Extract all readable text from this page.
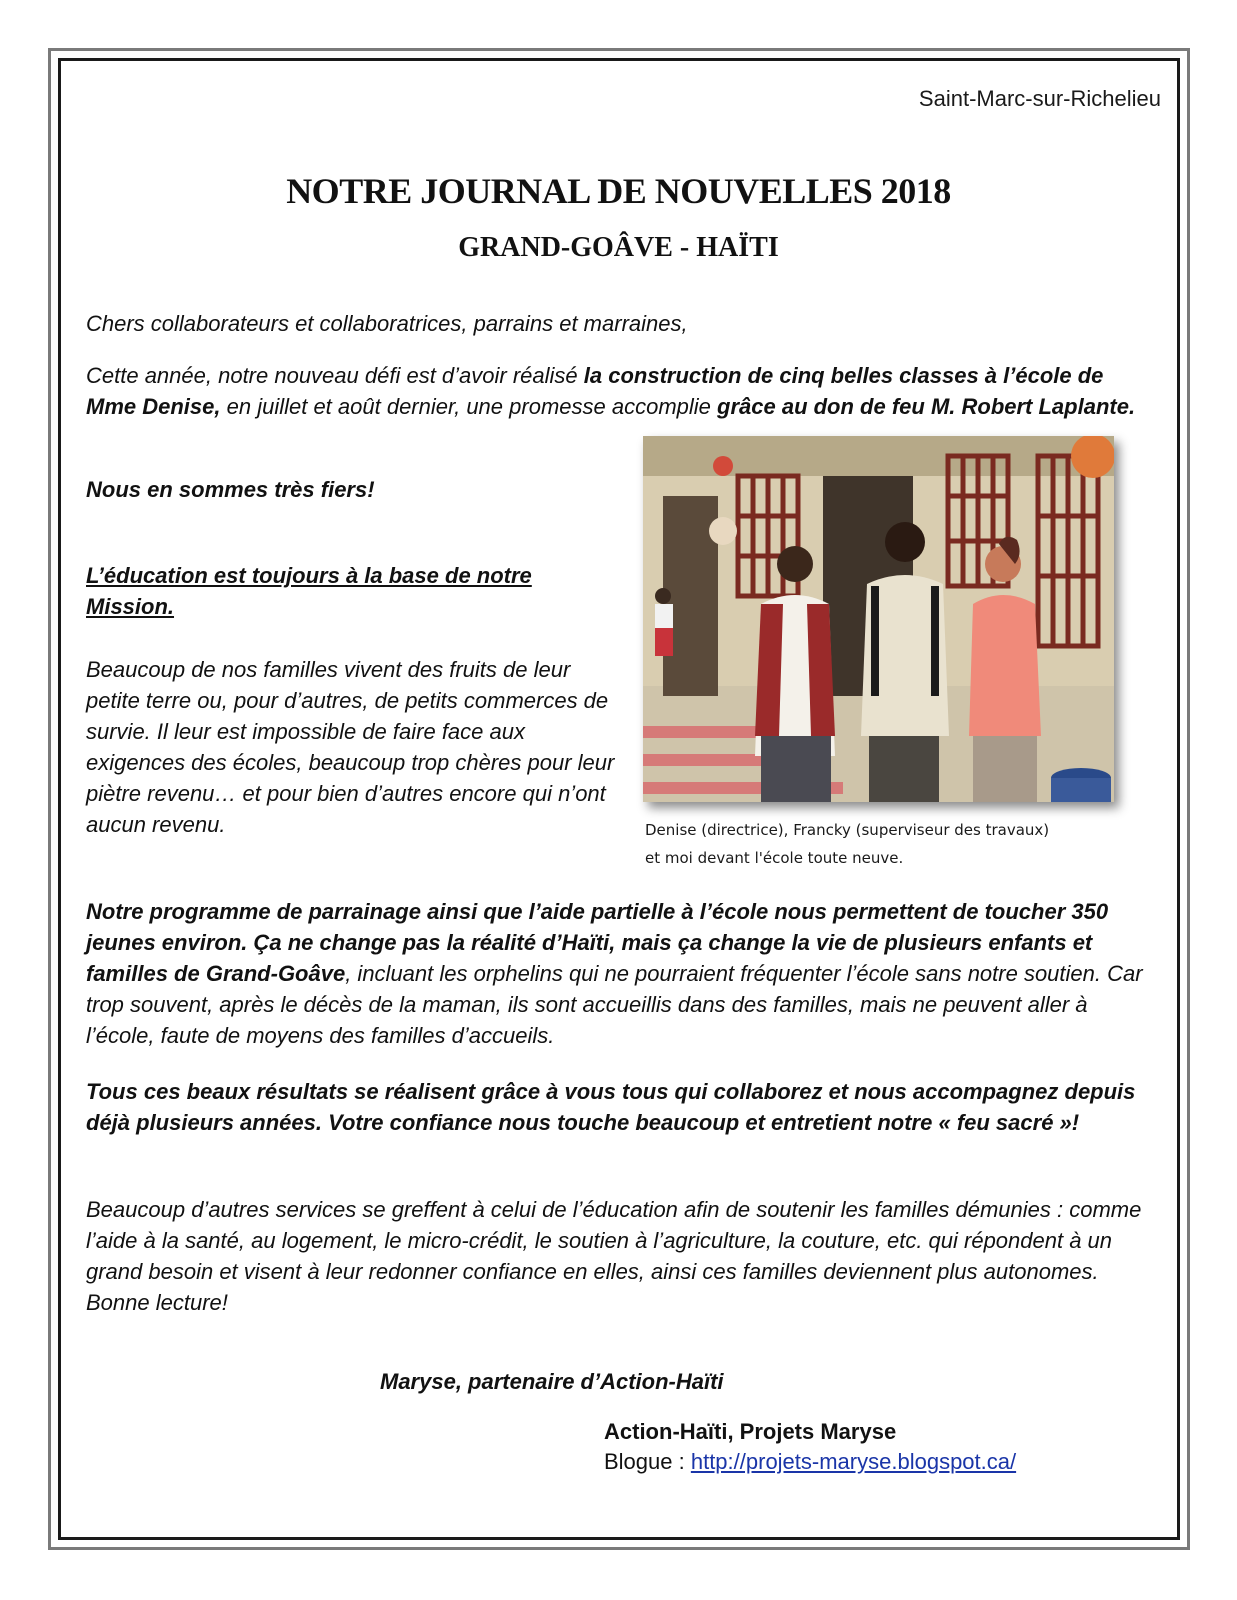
Saint-Marc-sur-Richelieu

NOTRE JOURNAL DE NOUVELLES 2018
GRAND-GOÂVE - HAÏTI

Chers collaborateurs et collaboratrices, parrains et marraines,

Cette année, notre nouveau défi est d’avoir réalisé la construction de cinq belles classes à l’école de Mme Denise, en juillet et août dernier, une promesse accomplie grâce au don de feu M. Robert Laplante.

Nous en sommes très fiers!

L’éducation est toujours à la base de notre Mission.

Beaucoup de nos familles vivent des fruits de leur petite terre ou, pour d’autres, de petits commerces de survie. Il leur est impossible de faire face aux exigences des écoles, beaucoup trop chères pour leur piètre revenu… et pour bien d’autres encore qui n’ont aucun revenu.	Denise (directrice), Francky (superviseur des travaux)
et moi devant l'école toute neuve.

Notre programme de parrainage ainsi que l’aide partielle à l’école nous permettent de toucher 350 jeunes environ. Ça ne change pas la réalité d’Haïti, mais ça change la vie de plusieurs enfants et familles de Grand-Goâve, incluant les orphelins qui ne pourraient fréquenter l’école sans notre soutien. Car trop souvent, après le décès de la maman, ils sont accueillis dans des familles, mais ne peuvent aller à l’école, faute de moyens des familles d’accueils.

Tous ces beaux résultats se réalisent grâce à vous tous qui collaborez et nous accompagnez depuis déjà plusieurs années. Votre confiance nous touche beaucoup et entretient notre « feu sacré »!

Beaucoup d’autres services se greffent à celui de l’éducation afin de soutenir les familles démunies : comme l’aide à la santé, au logement, le micro-crédit, le soutien à l’agriculture, la couture, etc. qui répondent à un grand besoin et visent à leur redonner confiance en elles, ainsi ces familles deviennent plus autonomes. Bonne lecture!

Maryse, partenaire d’Action-Haïti

Action-Haïti, Projets Maryse

Blogue : http://projets-maryse.blogspot.ca/
